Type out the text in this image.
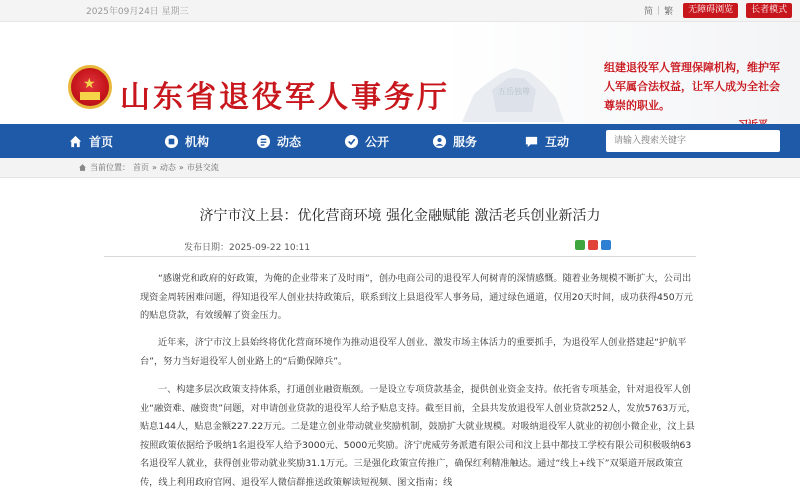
2025年09月24日 星期三	简 | 繁	无障碍浏览	长者模式
★ 山东省退役军人事务厅	五岳独尊
组建退役军人管理保障机构，维护军人军属合法权益，让军人成为全社会尊崇的职业。
首页	机构	动态	公开	服务	互动
请输入搜索关键字
当前位置： 首页 » 动态 » 市县交流
济宁市汶上县：优化营商环境 强化金融赋能 激活老兵创业新活力
发布日期：2025-09-22 10:11
“感谢党和政府的好政策，为俺的企业带来了及时雨”，创办电商公司的退役军人何树青的深情感慨。随着业务规模不断扩大，公司出现资金周转困难问题，得知退役军人创业扶持政策后，联系到汶上县退役军人事务局，通过绿色通道，仅用20天时间，成功获得450万元的贴息贷款，有效缓解了资金压力。
近年来，济宁市汶上县始终将优化营商环境作为推动退役军人创业、激发市场主体活力的重要抓手，为退役军人创业搭建起“护航平台”，努力当好退役军人创业路上的“后勤保障兵”。
一、构建多层次政策支持体系，打通创业融资瓶颈。一是设立专项贷款基金，提供创业资金支持。依托省专项基金，针对退役军人创业“融资难、融资贵”问题，对申请创业贷款的退役军人给予贴息支持。截至目前，全县共发放退役军人创业贷款252人，发放5763万元，贴息144人，贴息金额227.22万元。二是建立创业带动就业奖励机制，鼓励扩大就业规模。对吸纳退役军人就业的初创小微企业，汶上县按照政策依据给予吸纳1名退役军人给予3000元、5000元奖励。济宁虎威劳务派遣有限公司和汶上县中都技工学校有限公司积极吸纳63名退役军人就业，获得创业带动就业奖励31.1万元。三是强化政策宣传推广，确保红利精准触达。通过“线上+线下”双渠道开展政策宣传，线上利用政府官网、退役军人微信群推送政策解读短视频、图文指南；线
